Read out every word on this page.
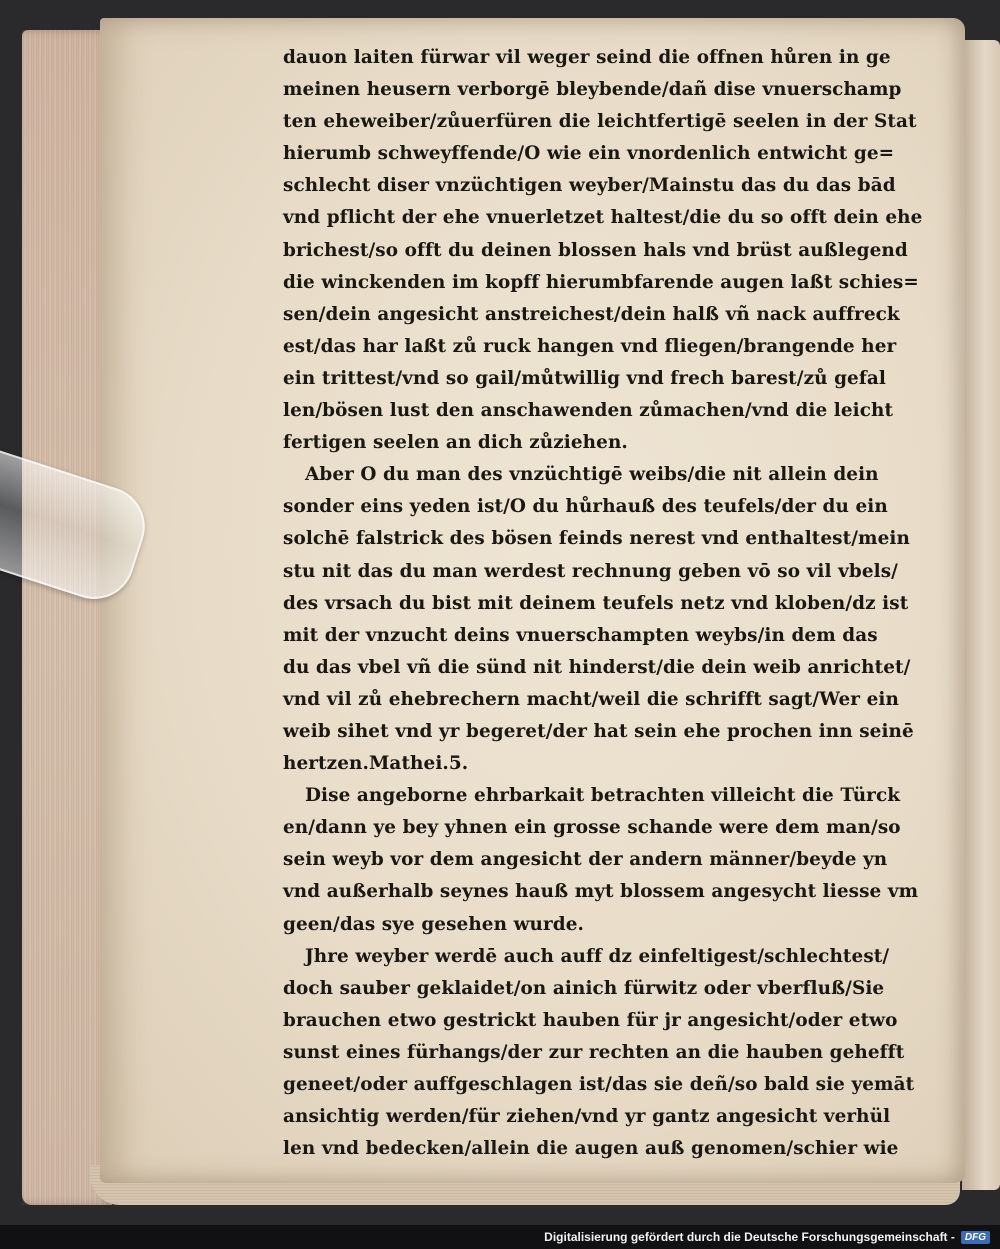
dauon laiten fürwar vil weger seind die offnen hůren in ge
meinen heusern verborgē bleybende/dañ dise vnuerschamp
ten eheweiber/zůuerfüren die leichtfertigē seelen in der Stat
hierumb schweyffende/O wie ein vnordenlich entwicht ge=
schlecht diser vnzüchtigen weyber/Mainstu das du das bād
vnd pflicht der ehe vnuerletzet haltest/die du so offt dein ehe
brichest/so offt du deinen blossen hals vnd brüst außlegend
die winckenden im kopff hierumbfarende augen laßt schies=
sen/dein angesicht anstreichest/dein halß vñ nack auffreck
est/das har laßt zů ruck hangen vnd fliegen/brangende her
ein trittest/vnd so gail/můtwillig vnd frech barest/zů gefal
len/bösen lust den anschawenden zůmachen/vnd die leicht
fertigen seelen an dich zůziehen.
Aber O du man des vnzüchtigē weibs/die nit allein dein
sonder eins yeden ist/O du hůrhauß des teufels/der du ein
solchē falstrick des bösen feinds nerest vnd enthaltest/mein
stu nit das du man werdest rechnung geben vō so vil vbels/
des vrsach du bist mit deinem teufels netz vnd kloben/dz ist
mit der vnzucht deins vnuerschampten weybs/in dem das
du das vbel vñ die sünd nit hinderst/die dein weib anrichtet/
vnd vil zů ehebrechern macht/weil die schrifft sagt/Wer ein
weib sihet vnd yr begeret/der hat sein ehe prochen inn seinē
hertzen.Mathei.5.
Dise angeborne ehrbarkait betrachten villeicht die Türck
en/dann ye bey yhnen ein grosse schande were dem man/so
sein weyb vor dem angesicht der andern männer/beyde yn
vnd außerhalb seynes hauß myt blossem angesycht liesse vm
geen/das sye gesehen wurde.
Jhre weyber werdē auch auff dz einfeltigest/schlechtest/
doch sauber geklaidet/on ainich fürwitz oder vberfluß/Sie
brauchen etwo gestrickt hauben für jr angesicht/oder etwo
sunst eines fürhangs/der zur rechten an die hauben gehefft
geneet/oder auffgeschlagen ist/das sie deñ/so bald sie yemāt
ansichtig werden/für ziehen/vnd yr gantz angesicht verhül
len vnd bedecken/allein die augen auß genomen/schier wie
Digitalisierung gefördert durch die Deutsche Forschungsgemeinschaft -	DFG
